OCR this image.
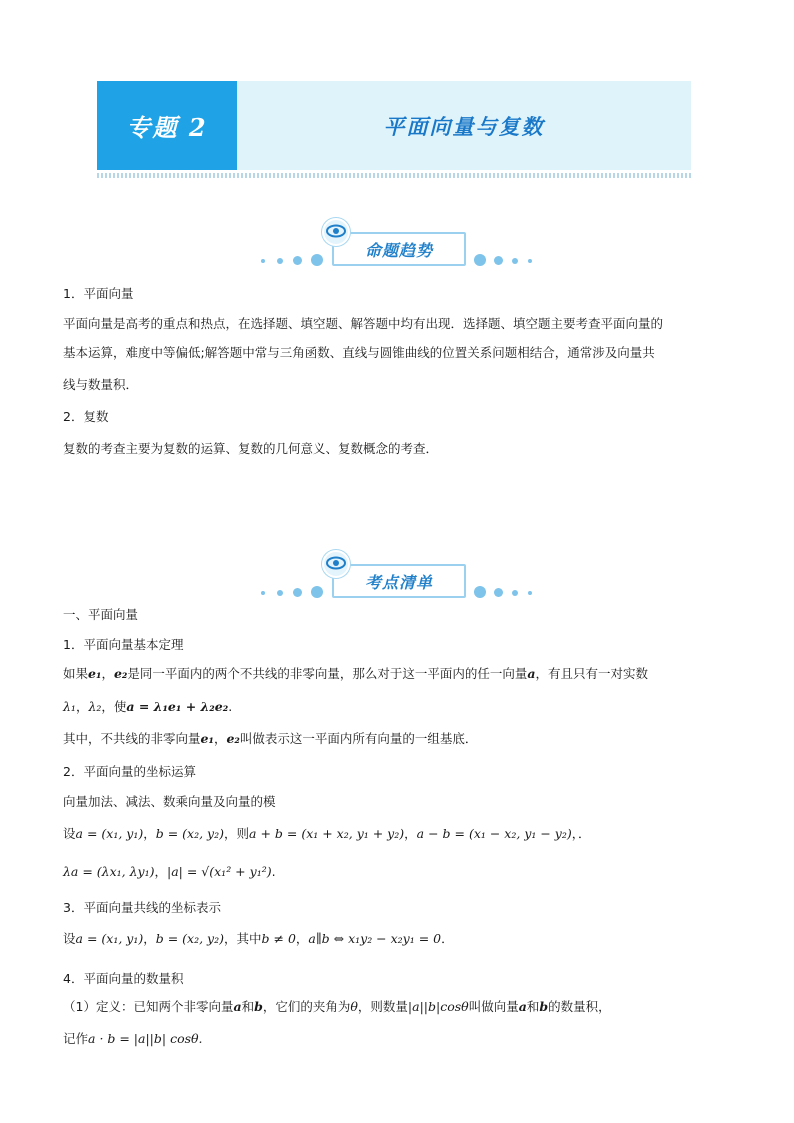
专题 2	平面向量与复数
命题趋势
1．平面向量
平面向量是高考的重点和热点，在选择题、填空题、解答题中均有出现．选择题、填空题主要考查平面向量的
基本运算，难度中等偏低;解答题中常与三角函数、直线与圆锥曲线的位置关系问题相结合，通常涉及向量共
线与数量积．
2．复数
复数的考查主要为复数的运算、复数的几何意义、复数概念的考查．
考点清单
一、平面向量
1．平面向量基本定理
如果e₁，e₂是同一平面内的两个不共线的非零向量，那么对于这一平面内的任一向量a，有且只有一对实数
λ₁，λ₂，使a = λ₁e₁ + λ₂e₂.
其中，不共线的非零向量e₁，e₂叫做表示这一平面内所有向量的一组基底．
2．平面向量的坐标运算
向量加法、减法、数乘向量及向量的模
设a = (x₁, y₁)，b = (x₂, y₂)，则a + b = (x₁ + x₂, y₁ + y₂)，a − b = (x₁ − x₂, y₁ − y₂)，．
λa = (λx₁, λy₁)，|a| = √(x₁² + y₁²).
3．平面向量共线的坐标表示
设a = (x₁, y₁)，b = (x₂, y₂)，其中b ≠ 0，a∥b ⇔ x₁y₂ − x₂y₁ = 0．
4．平面向量的数量积
（1）定义：已知两个非零向量a和b，它们的夹角为θ，则数量|a||b|cosθ叫做向量a和b的数量积，
记作a · b = |a||b| cosθ.
